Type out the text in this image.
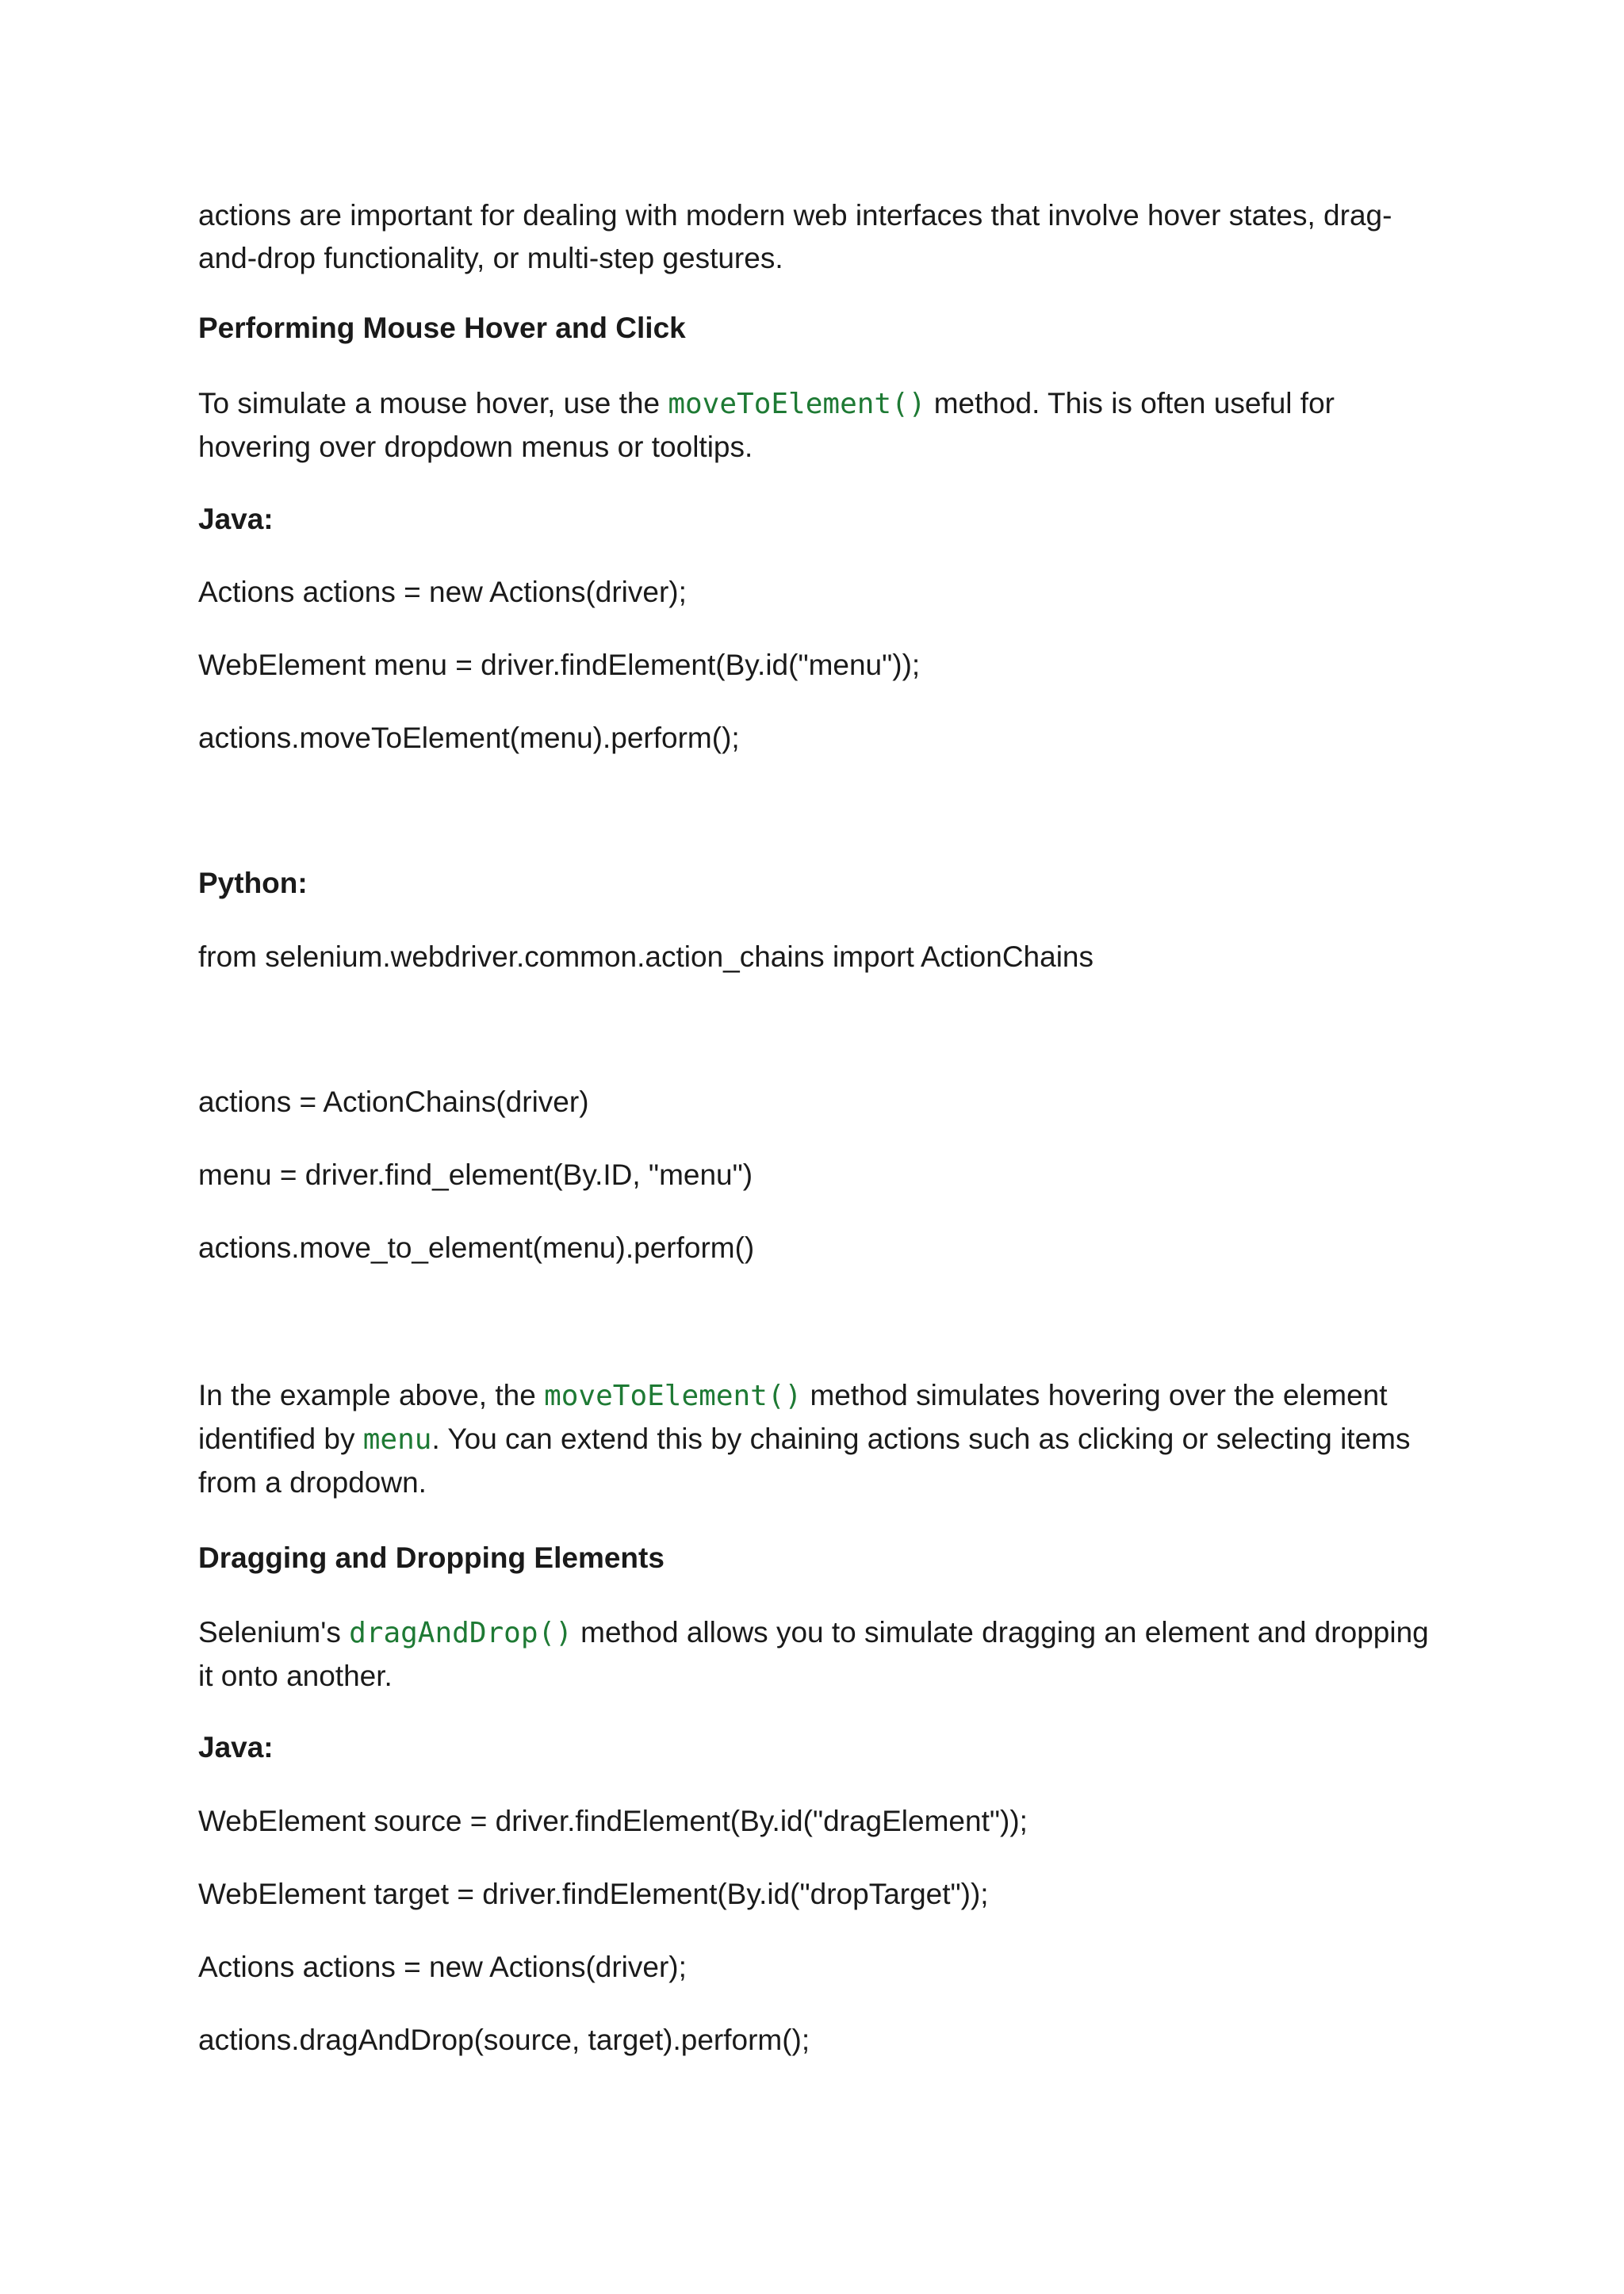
actions are important for dealing with modern web interfaces that involve hover states, drag-and-drop functionality, or multi-step gestures.

Performing Mouse Hover and Click

To simulate a mouse hover, use the moveToElement() method. This is often useful for hovering over dropdown menus or tooltips.

Java:

Actions actions = new Actions(driver);

WebElement menu = driver.findElement(By.id("menu"));

actions.moveToElement(menu).perform();

Python:

from selenium.webdriver.common.action_chains import ActionChains

actions = ActionChains(driver)

menu = driver.find_element(By.ID, "menu")

actions.move_to_element(menu).perform()

In the example above, the moveToElement() method simulates hovering over the element identified by menu. You can extend this by chaining actions such as clicking or selecting items from a dropdown.

Dragging and Dropping Elements

Selenium's dragAndDrop() method allows you to simulate dragging an element and dropping it onto another.

Java:

WebElement source = driver.findElement(By.id("dragElement"));

WebElement target = driver.findElement(By.id("dropTarget"));

Actions actions = new Actions(driver);

actions.dragAndDrop(source, target).perform();
